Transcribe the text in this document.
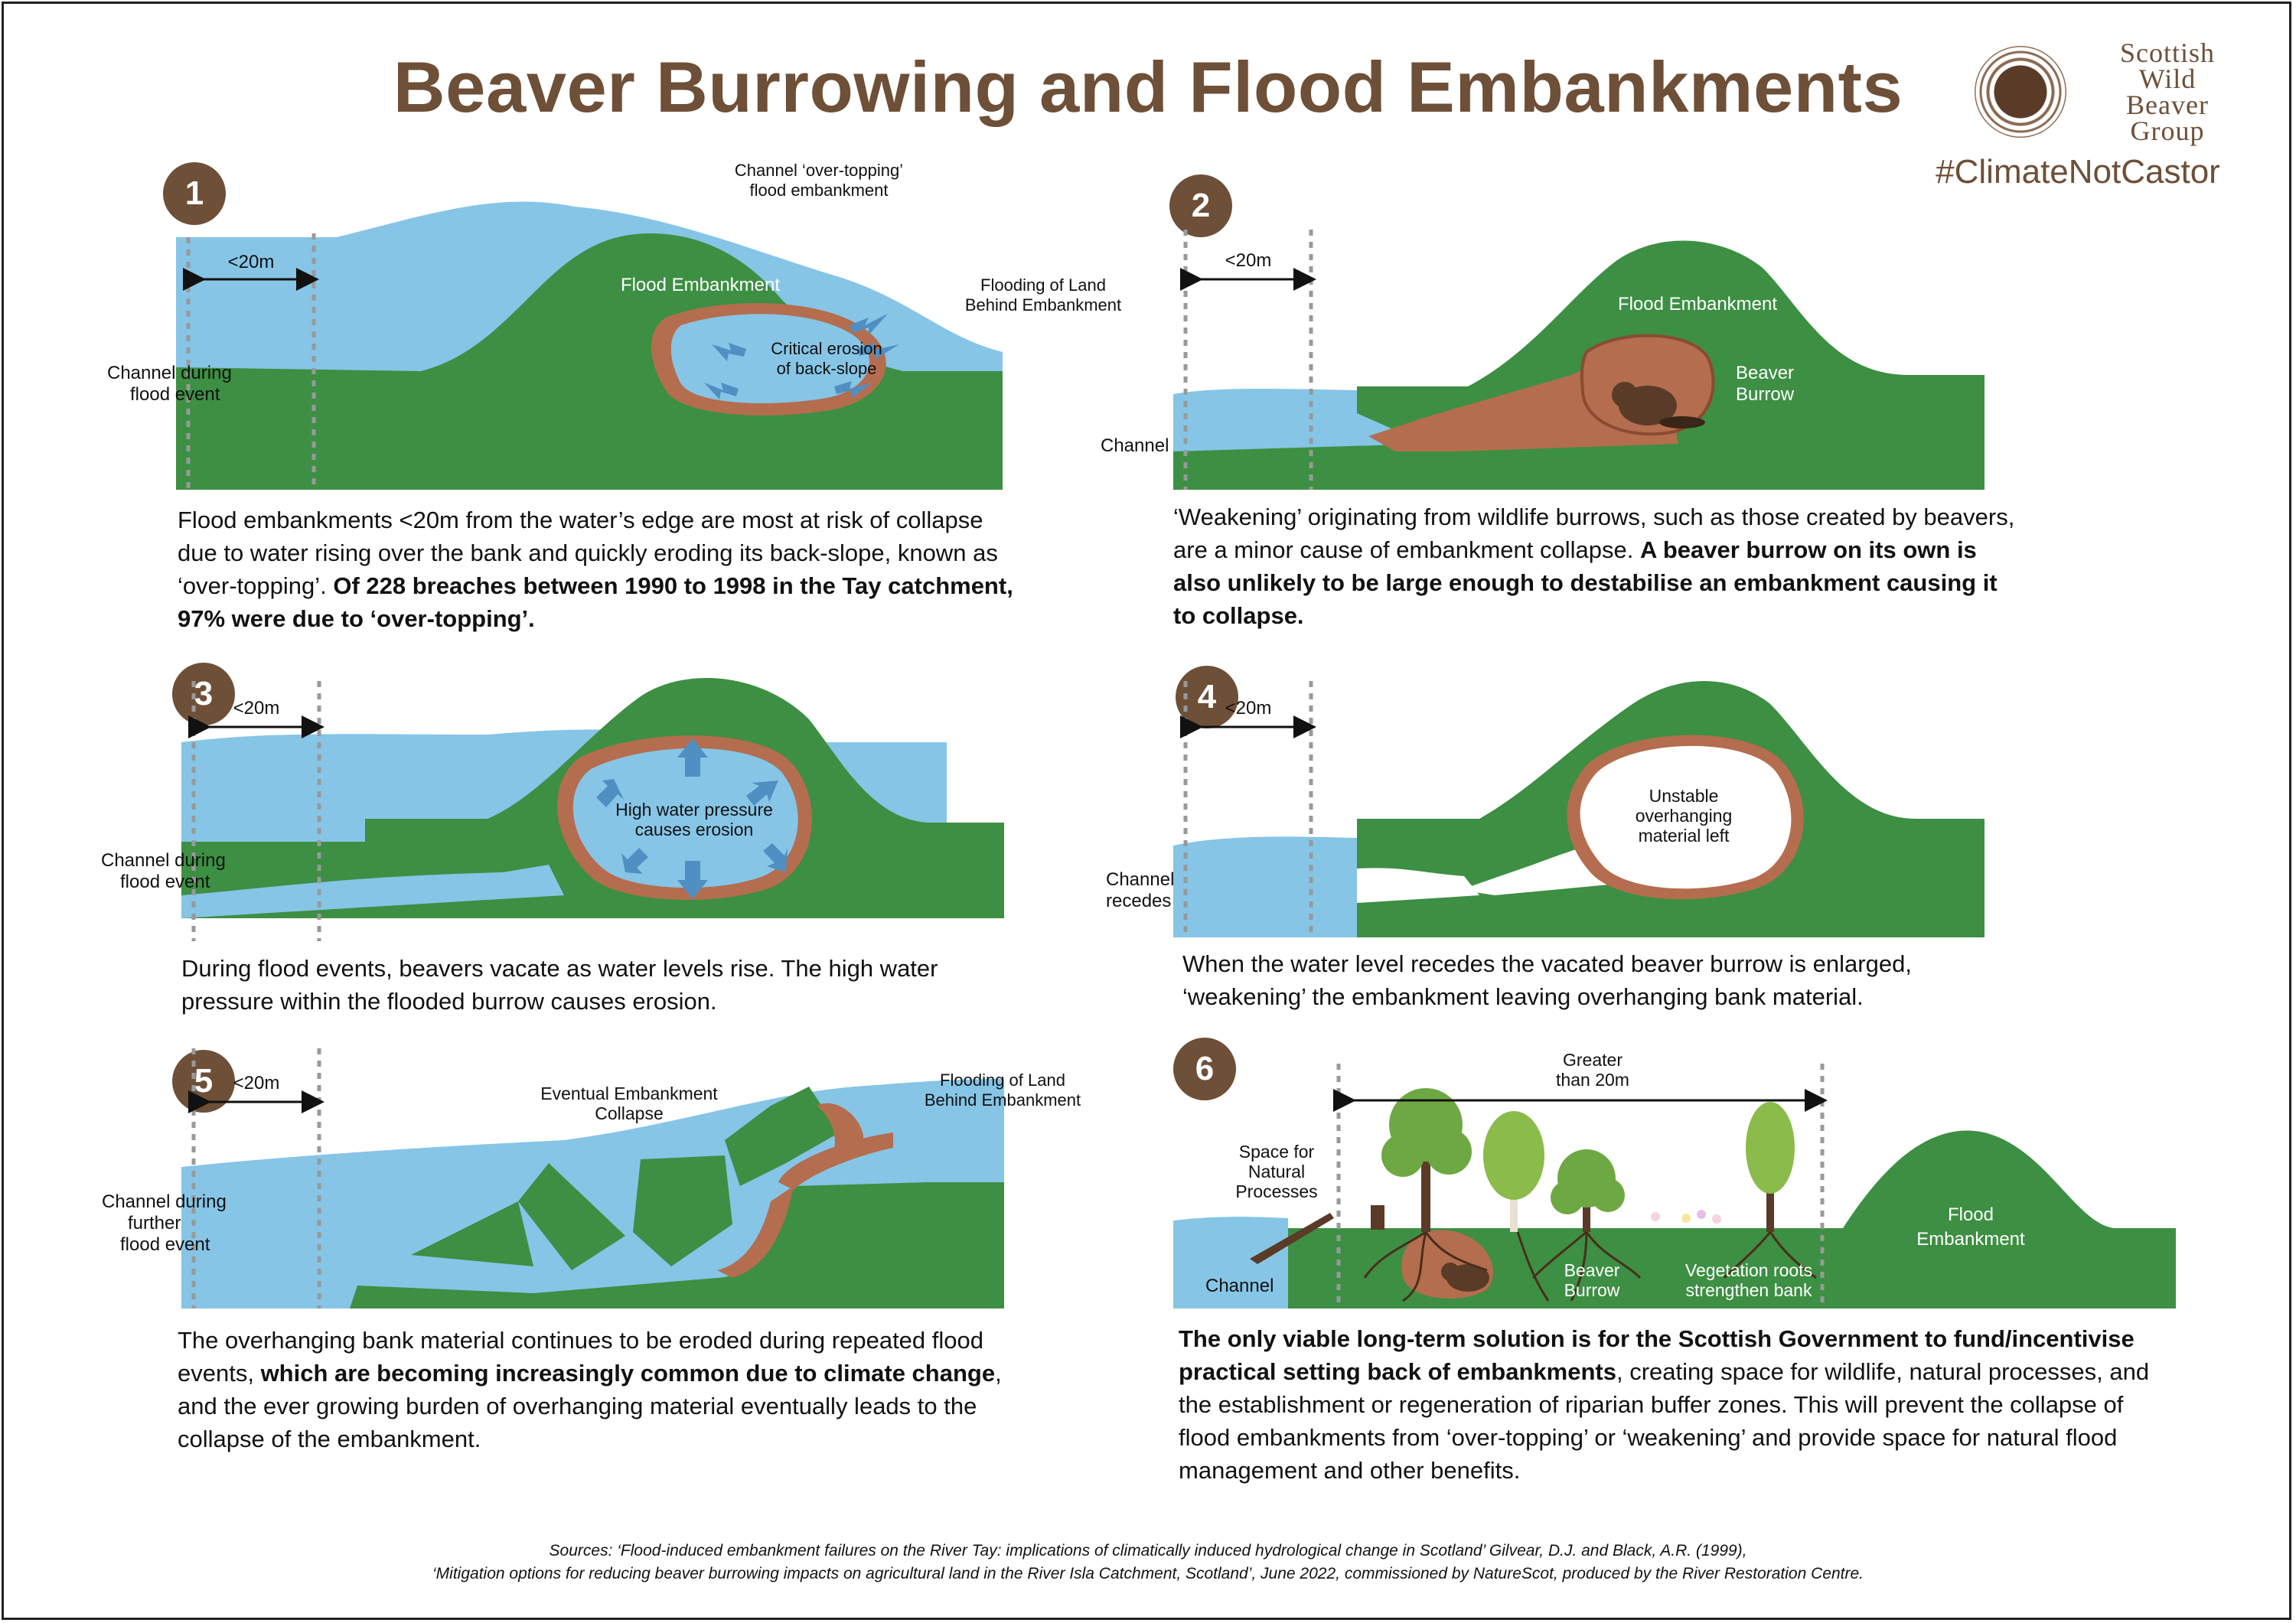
Beaver Burrowing and Flood Embankments	Scottish
Wild
Beaver
Group
#ClimateNotCastor
1
<20m
Channel during flood event
Flood Embankment
Channel ‘over-topping’ flood embankment
Flooding of Land Behind Embankment
Critical erosion of back-slope
Flood embankments <20m from the water’s edge are most at risk of collapse due to water rising over the bank and quickly eroding its back-slope, known as ‘over-topping’. Of 228 breaches between 1990 to 1998 in the Tay catchment, 97% were due to ‘over-topping’.
2
<20m
Channel
Flood Embankment
Beaver Burrow
‘Weakening’ originating from wildlife burrows, such as those created by beavers, are a minor cause of embankment collapse. A beaver burrow on its own is also unlikely to be large enough to destabilise an embankment causing it to collapse.
3	<20m
Channel during flood event
High water pressure causes erosion
During flood events, beavers vacate as water levels rise. The high water pressure within the flooded burrow causes erosion.
4 <20m
Channel recedes
Unstable overhanging material left
When the water level recedes the vacated beaver burrow is enlarged, ‘weakening’ the embankment leaving overhanging bank material.
5	<20m
Channel during further flood event
Eventual Embankment Collapse
Flooding of Land Behind Embankment
The overhanging bank material continues to be eroded during repeated flood events, which are becoming increasingly common due to climate change, and the ever growing burden of overhanging material eventually leads to the collapse of the embankment.
6	Greater than 20m
Space for Natural Processes
Channel
Beaver Burrow
Vegetation roots strengthen bank
Flood Embankment
The only viable long-term solution is for the Scottish Government to fund/incentivise practical setting back of embankments, creating space for wildlife, natural processes, and the establishment or regeneration of riparian buffer zones. This will prevent the collapse of flood embankments from ‘over-topping’ or ‘weakening’ and provide space for natural flood management and other benefits.
Sources: ‘Flood-induced embankment failures on the River Tay: implications of climatically induced hydrological change in Scotland’ Gilvear, D.J. and Black, A.R. (1999),
‘Mitigation options for reducing beaver burrowing impacts on agricultural land in the River Isla Catchment, Scotland’, June 2022, commissioned by NatureScot, produced by the River Restoration Centre.
